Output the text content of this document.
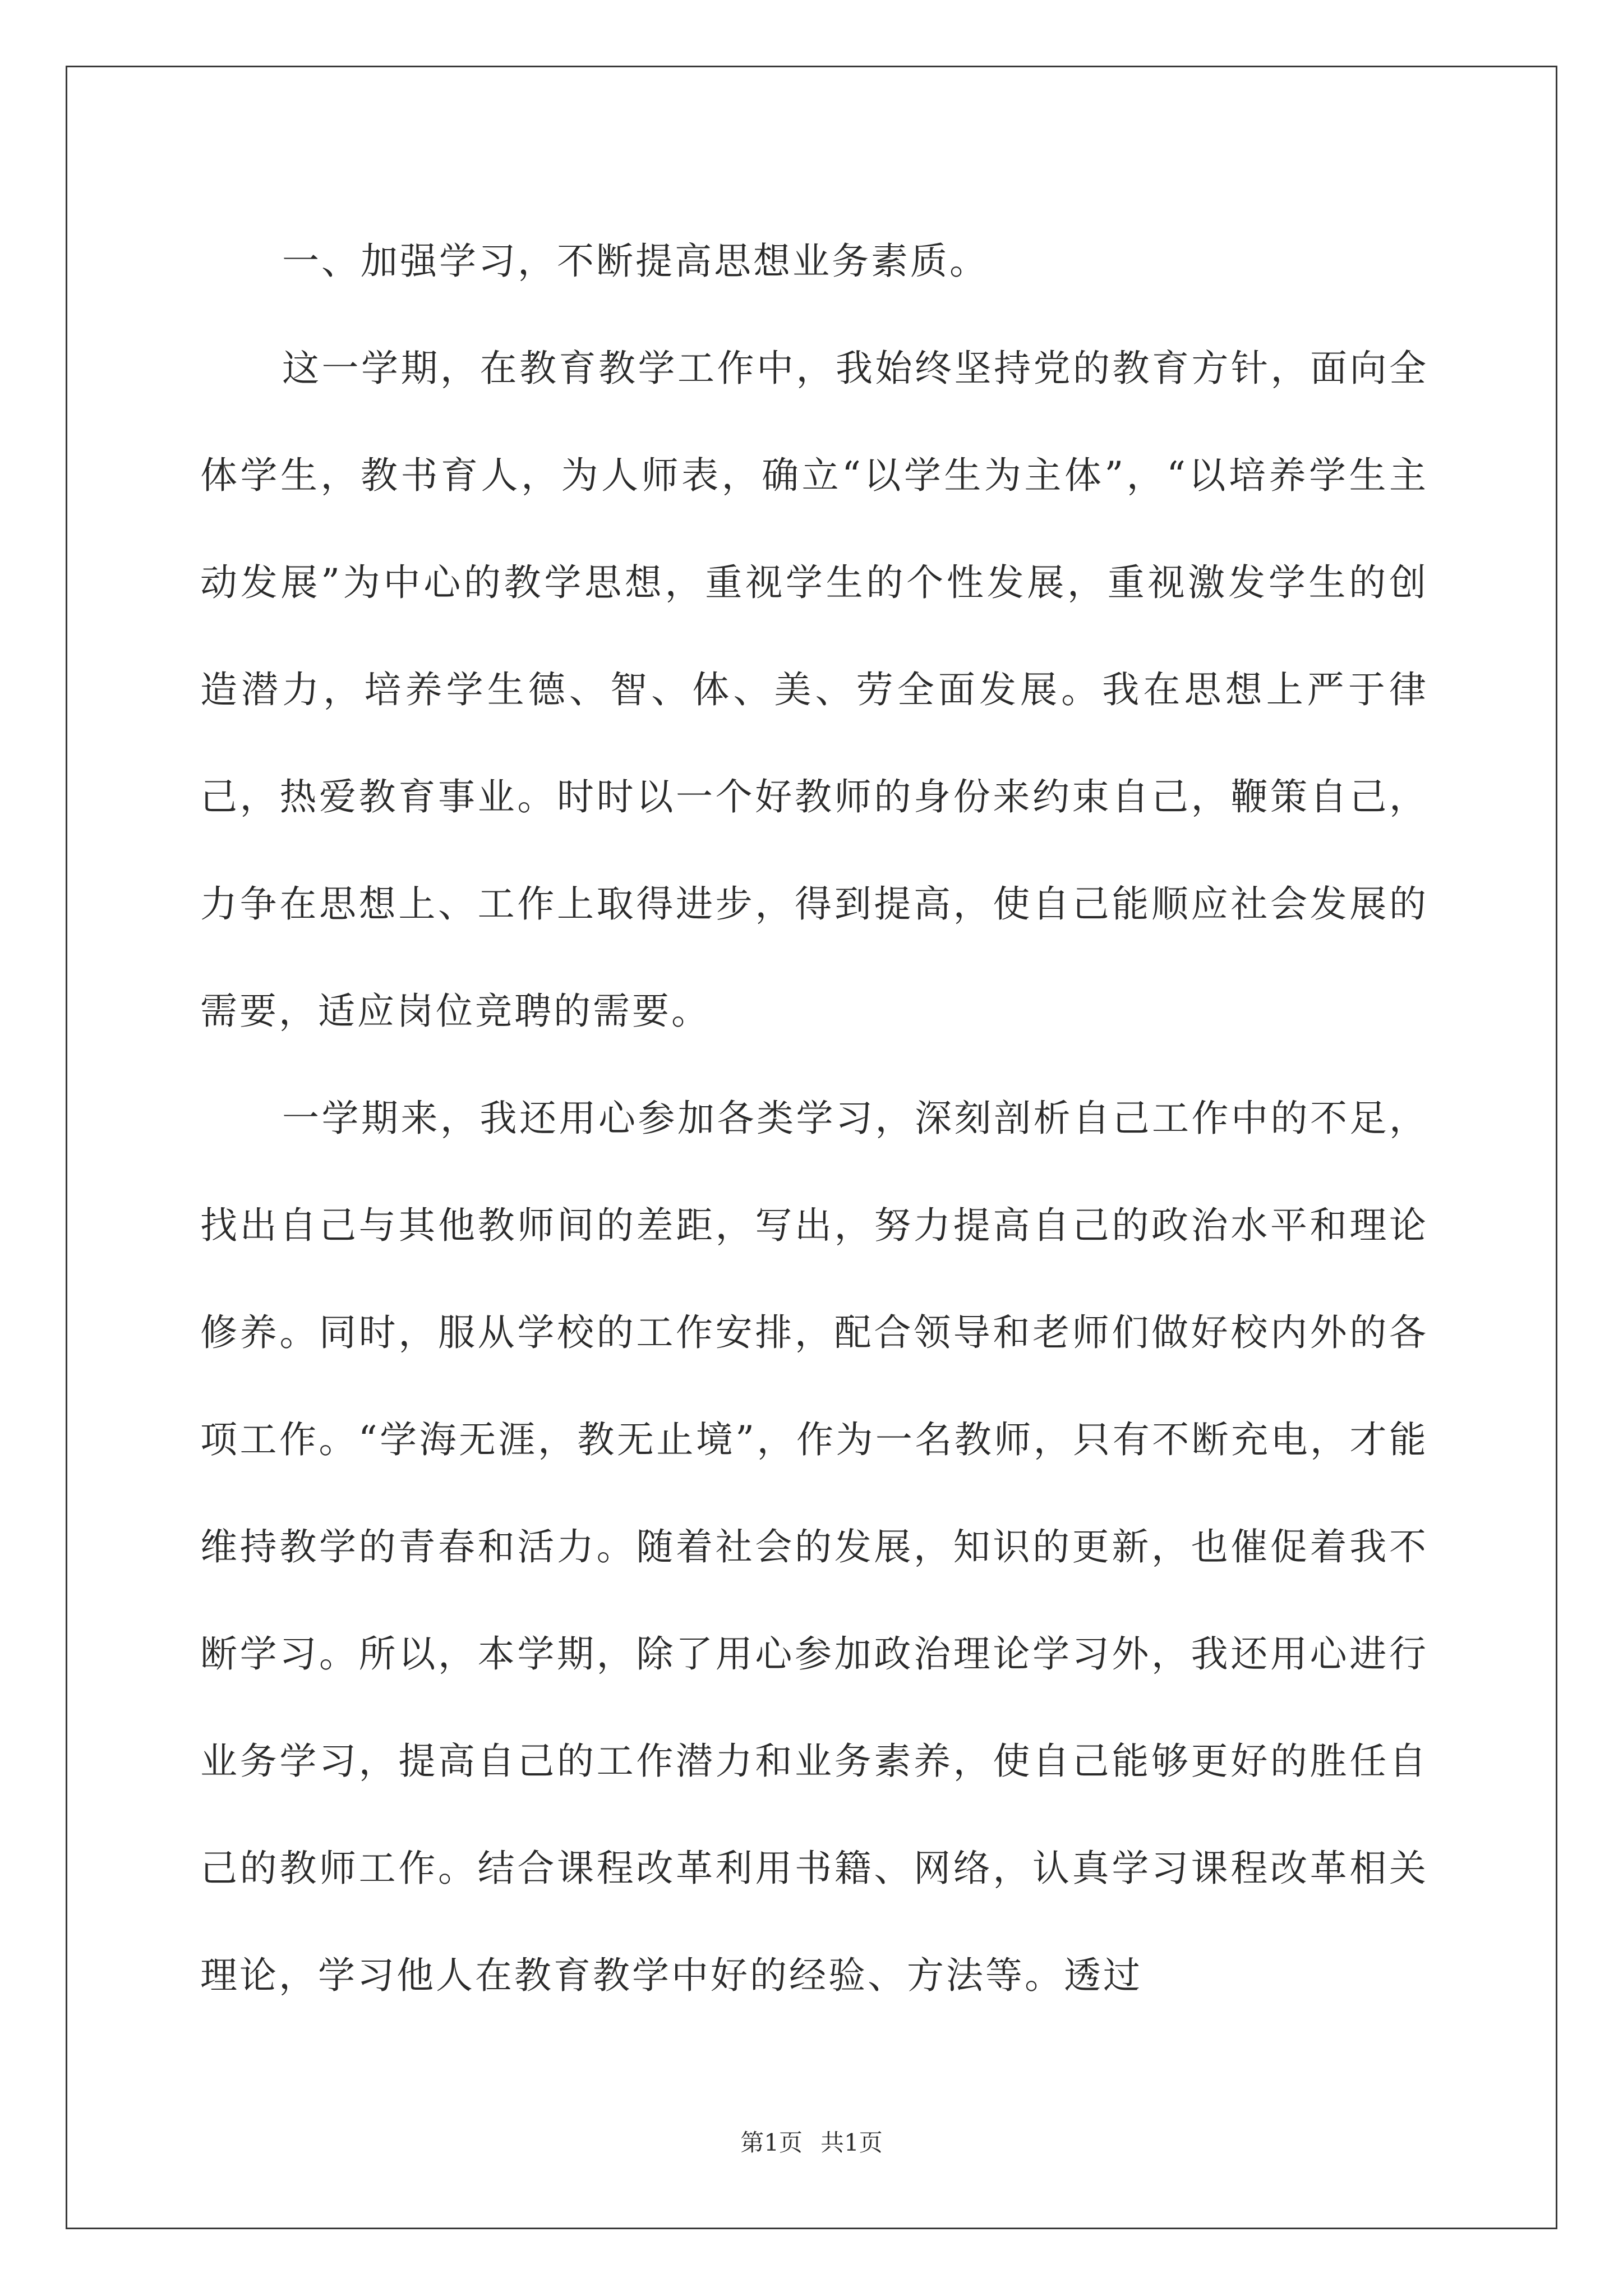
一、加强学习，不断提高思想业务素质。

这一学期，在教育教学工作中，我始终坚持党的教育方针，面向全体学生，教书育人，为人师表，确立“以学生为主体”，“以培养学生主动发展”为中心的教学思想，重视学生的个性发展，重视激发学生的创造潜力，培养学生德、智、体、美、劳全面发展。我在思想上严于律己，热爱教育事业。时时以一个好教师的身份来约束自己，鞭策自己，力争在思想上、工作上取得进步，得到提高，使自己能顺应社会发展的需要，适应岗位竞聘的需要。

一学期来，我还用心参加各类学习，深刻剖析自己工作中的不足，找出自己与其他教师间的差距，写出，努力提高自己的政治水平和理论修养。同时，服从学校的工作安排，配合领导和老师们做好校内外的各项工作。“学海无涯，教无止境”，作为一名教师，只有不断充电，才能维持教学的青春和活力。随着社会的发展，知识的更新，也催促着我不断学习。所以，本学期，除了用心参加政治理论学习外，我还用心进行业务学习，提高自己的工作潜力和业务素养，使自己能够更好的胜任自己的教师工作。结合课程改革利用书籍、网络，认真学习课程改革相关理论，学习他人在教育教学中好的经验、方法等。透过

第1页 共1页
